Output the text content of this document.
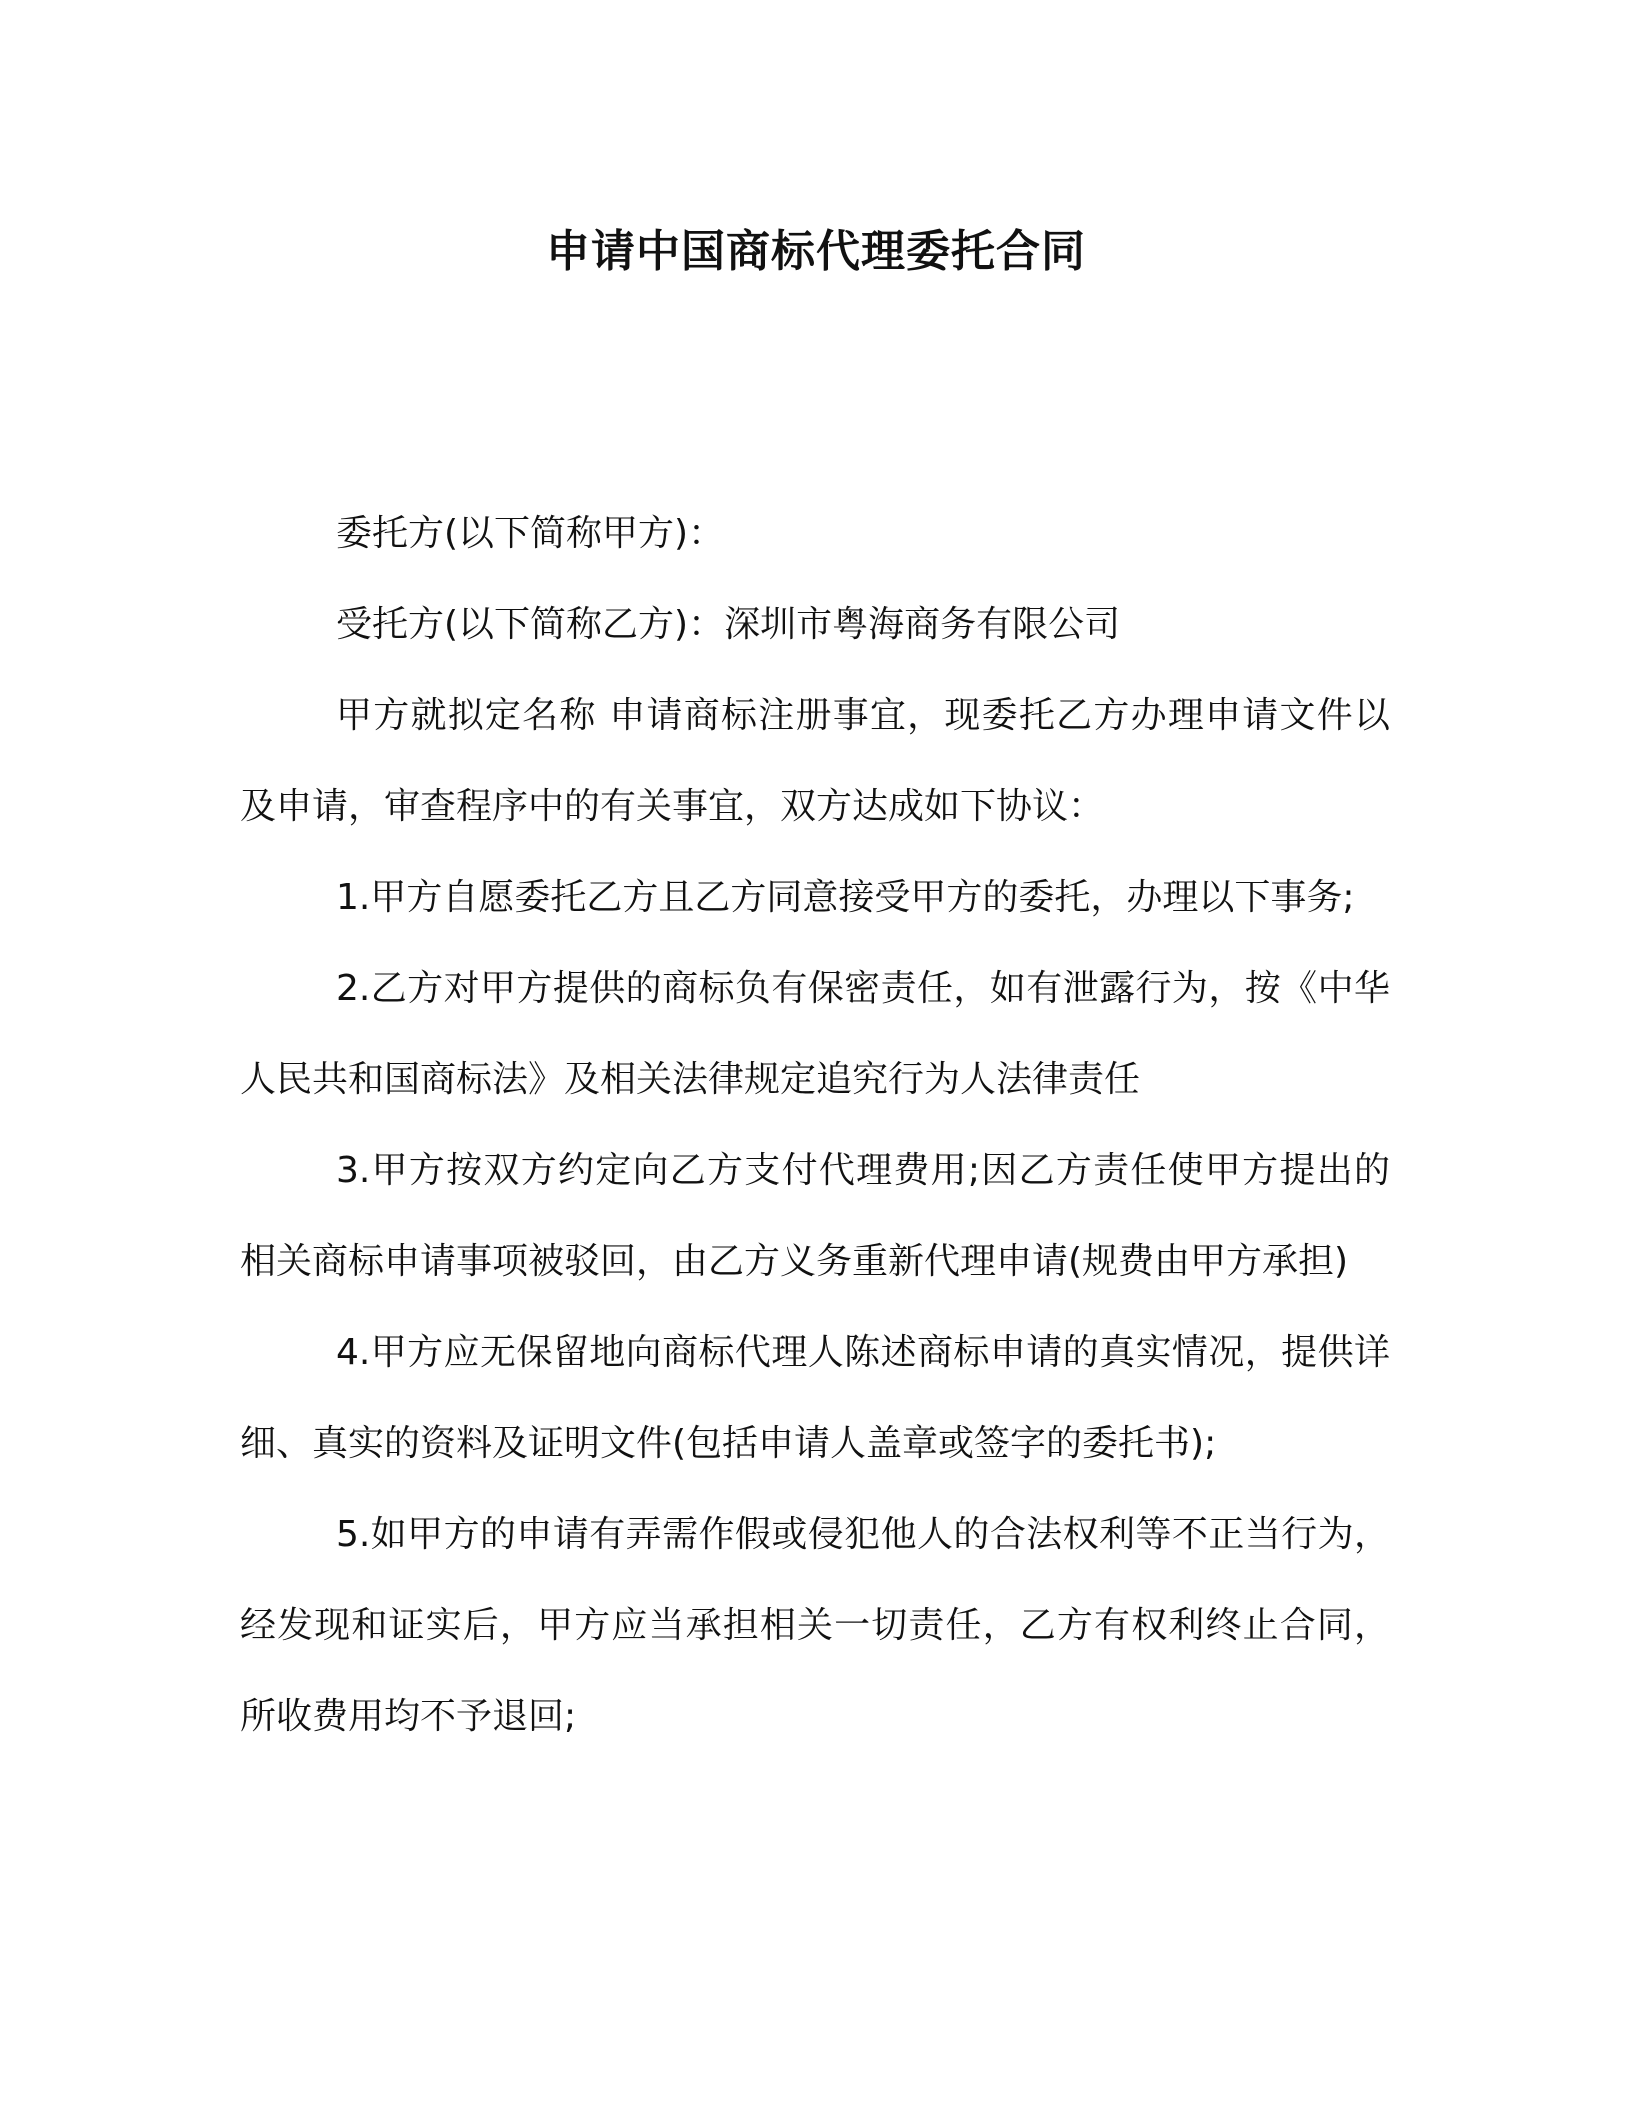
申请中国商标代理委托合同

委托方(以下简称甲方)：

受托方(以下简称乙方)：深圳市粤海商务有限公司

甲方就拟定名称 申请商标注册事宜，现委托乙方办理申请文件以及申请，审查程序中的有关事宜，双方达成如下协议：

1.甲方自愿委托乙方且乙方同意接受甲方的委托，办理以下事务;

2.乙方对甲方提供的商标负有保密责任，如有泄露行为，按《中华人民共和国商标法》及相关法律规定追究行为人法律责任

3.甲方按双方约定向乙方支付代理费用;因乙方责任使甲方提出的相关商标申请事项被驳回，由乙方义务重新代理申请(规费由甲方承担)

4.甲方应无保留地向商标代理人陈述商标申请的真实情况，提供详细、真实的资料及证明文件(包括申请人盖章或签字的委托书);

5.如甲方的申请有弄需作假或侵犯他人的合法权利等不正当行为，经发现和证实后，甲方应当承担相关一切责任，乙方有权利终止合同，所收费用均不予退回;
